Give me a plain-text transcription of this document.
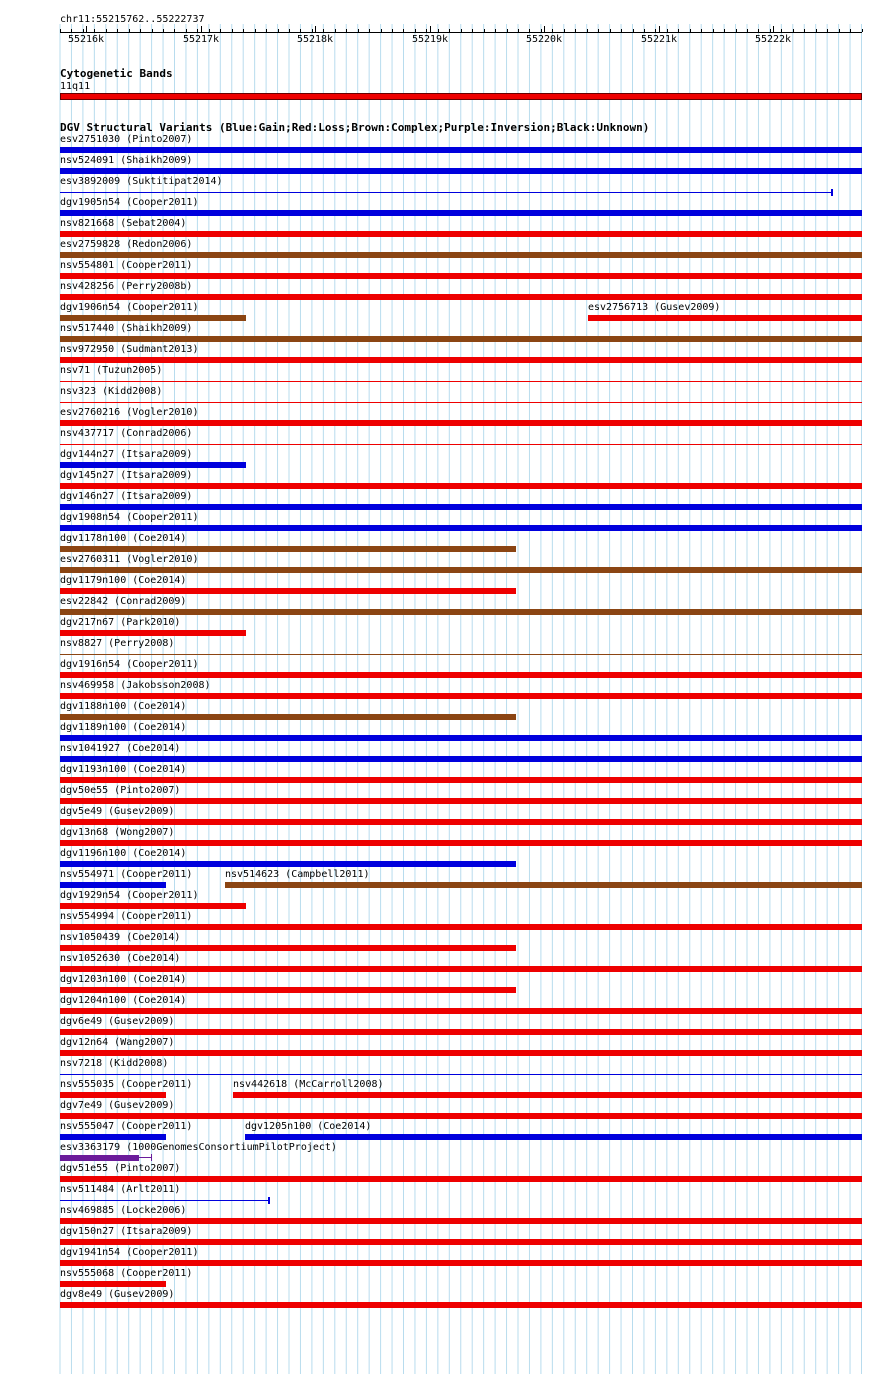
chr11:55215762..55222737
55216k	55217k	55218k	55219k	55220k	55221k	55222k
Cytogenetic Bands
11q11
DGV Structural Variants (Blue:Gain;Red:Loss;Brown:Complex;Purple:Inversion;Black:Unknown)
esv2751030 (Pinto2007)
nsv524091 (Shaikh2009)
esv3892009 (Suktitipat2014)
dgv1905n54 (Cooper2011)
nsv821668 (Sebat2004)
esv2759828 (Redon2006)
nsv554801 (Cooper2011)
nsv428256 (Perry2008b)
dgv1906n54 (Cooper2011)	esv2756713 (Gusev2009)
nsv517440 (Shaikh2009)
nsv972950 (Sudmant2013)
nsv71 (Tuzun2005)
nsv323 (Kidd2008)
esv2760216 (Vogler2010)
nsv437717 (Conrad2006)
dgv144n27 (Itsara2009)
dgv145n27 (Itsara2009)
dgv146n27 (Itsara2009)
dgv1908n54 (Cooper2011)
dgv1178n100 (Coe2014)
esv2760311 (Vogler2010)
dgv1179n100 (Coe2014)
esv22842 (Conrad2009)
dgv217n67 (Park2010)
nsv8827 (Perry2008)
dgv1916n54 (Cooper2011)
nsv469958 (Jakobsson2008)
dgv1188n100 (Coe2014)
dgv1189n100 (Coe2014)
nsv1041927 (Coe2014)
dgv1193n100 (Coe2014)
dgv50e55 (Pinto2007)
dgv5e49 (Gusev2009)
dgv13n68 (Wong2007)
dgv1196n100 (Coe2014)
nsv554971 (Cooper2011)	nsv514623 (Campbell2011)
dgv1929n54 (Cooper2011)
nsv554994 (Cooper2011)
nsv1050439 (Coe2014)
nsv1052630 (Coe2014)
dgv1203n100 (Coe2014)
dgv1204n100 (Coe2014)
dgv6e49 (Gusev2009)
dgv12n64 (Wang2007)
nsv7218 (Kidd2008)
nsv555035 (Cooper2011)	nsv442618 (McCarroll2008)
dgv7e49 (Gusev2009)
nsv555047 (Cooper2011)	dgv1205n100 (Coe2014)
esv3363179 (1000GenomesConsortiumPilotProject)
dgv51e55 (Pinto2007)
nsv511484 (Arlt2011)
nsv469885 (Locke2006)
dgv150n27 (Itsara2009)
dgv1941n54 (Cooper2011)
nsv555068 (Cooper2011)
dgv8e49 (Gusev2009)
